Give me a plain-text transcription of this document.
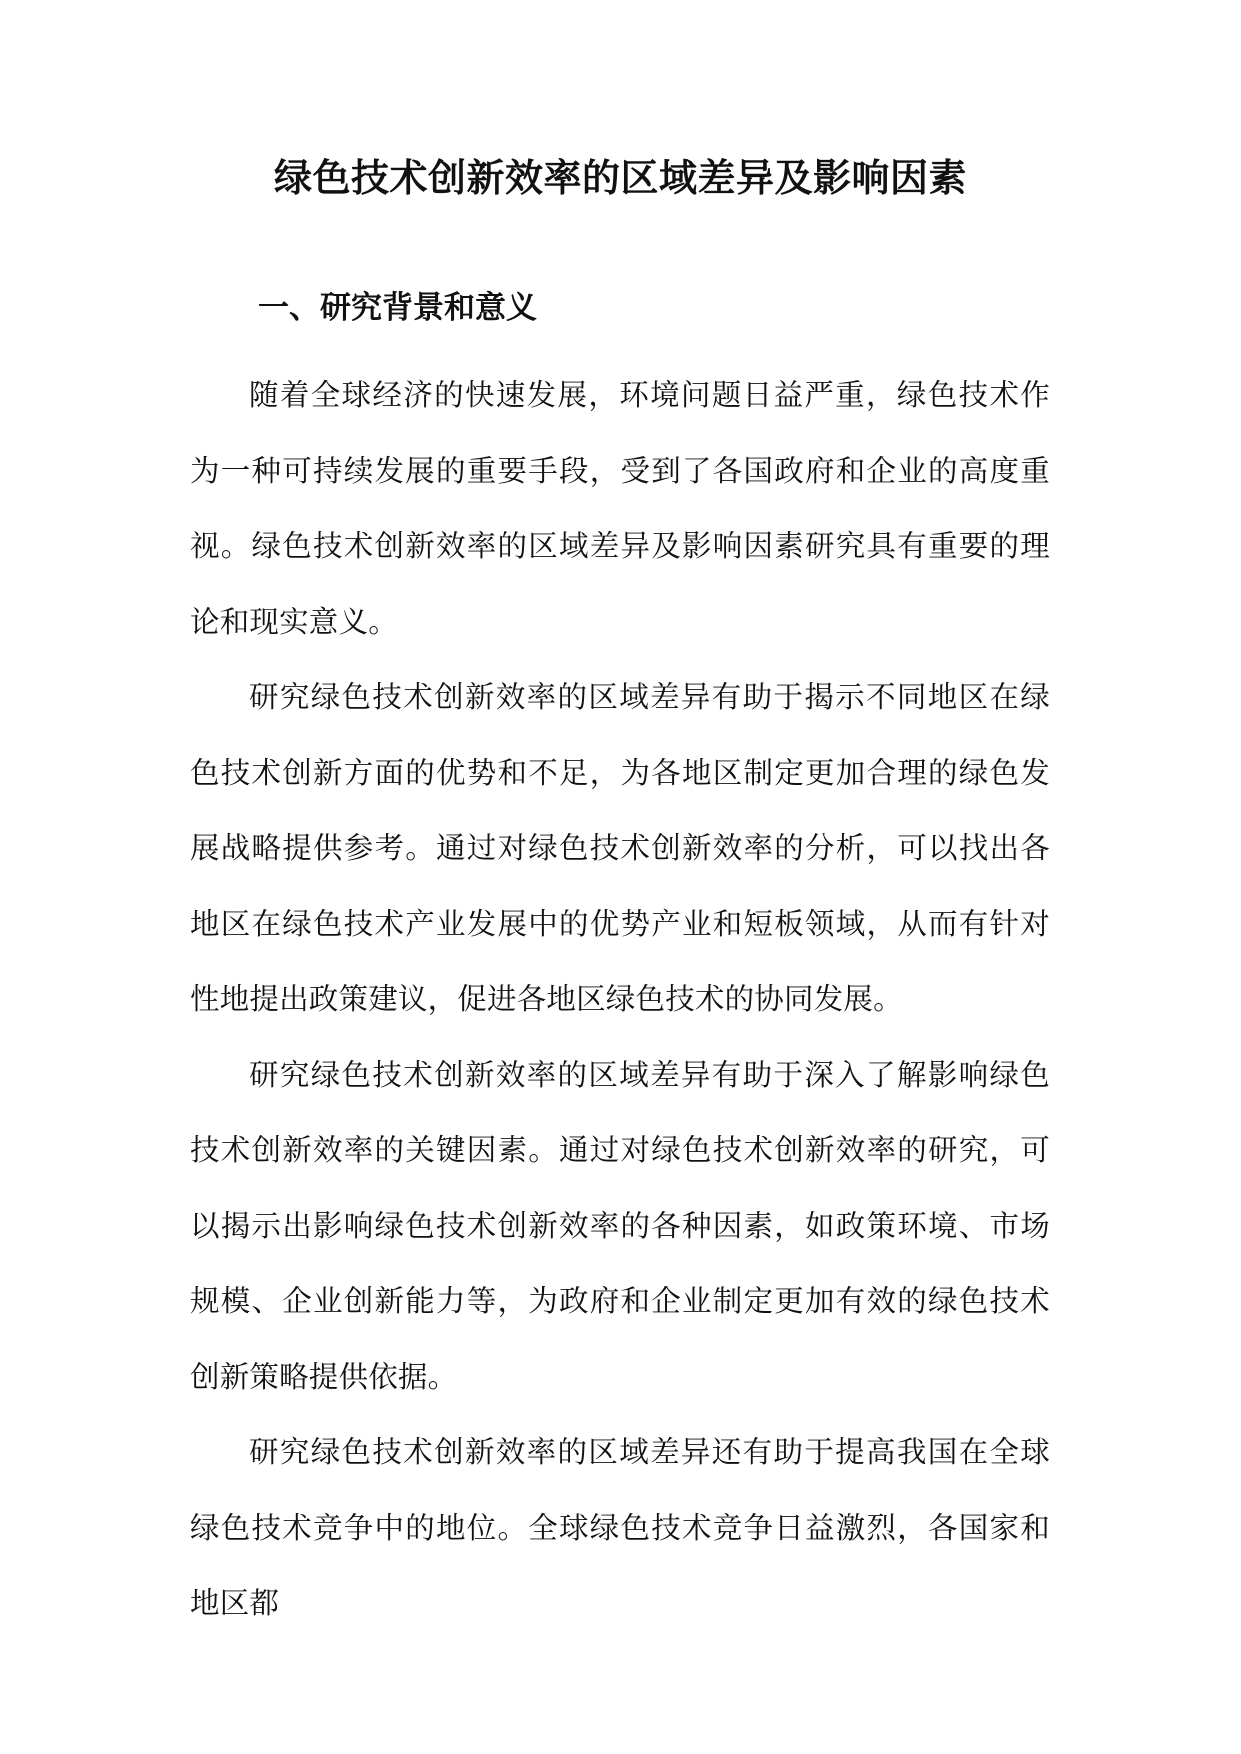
绿色技术创新效率的区域差异及影响因素
一、研究背景和意义

随着全球经济的快速发展，环境问题日益严重，绿色技术作为一种可持续发展的重要手段，受到了各国政府和企业的高度重视。绿色技术创新效率的区域差异及影响因素研究具有重要的理论和现实意义。

研究绿色技术创新效率的区域差异有助于揭示不同地区在绿色技术创新方面的优势和不足，为各地区制定更加合理的绿色发展战略提供参考。通过对绿色技术创新效率的分析，可以找出各地区在绿色技术产业发展中的优势产业和短板领域，从而有针对性地提出政策建议，促进各地区绿色技术的协同发展。

研究绿色技术创新效率的区域差异有助于深入了解影响绿色技术创新效率的关键因素。通过对绿色技术创新效率的研究，可以揭示出影响绿色技术创新效率的各种因素，如政策环境、市场规模、企业创新能力等，为政府和企业制定更加有效的绿色技术创新策略提供依据。

研究绿色技术创新效率的区域差异还有助于提高我国在全球绿色技术竞争中的地位。全球绿色技术竞争日益激烈，各国家和地区都
